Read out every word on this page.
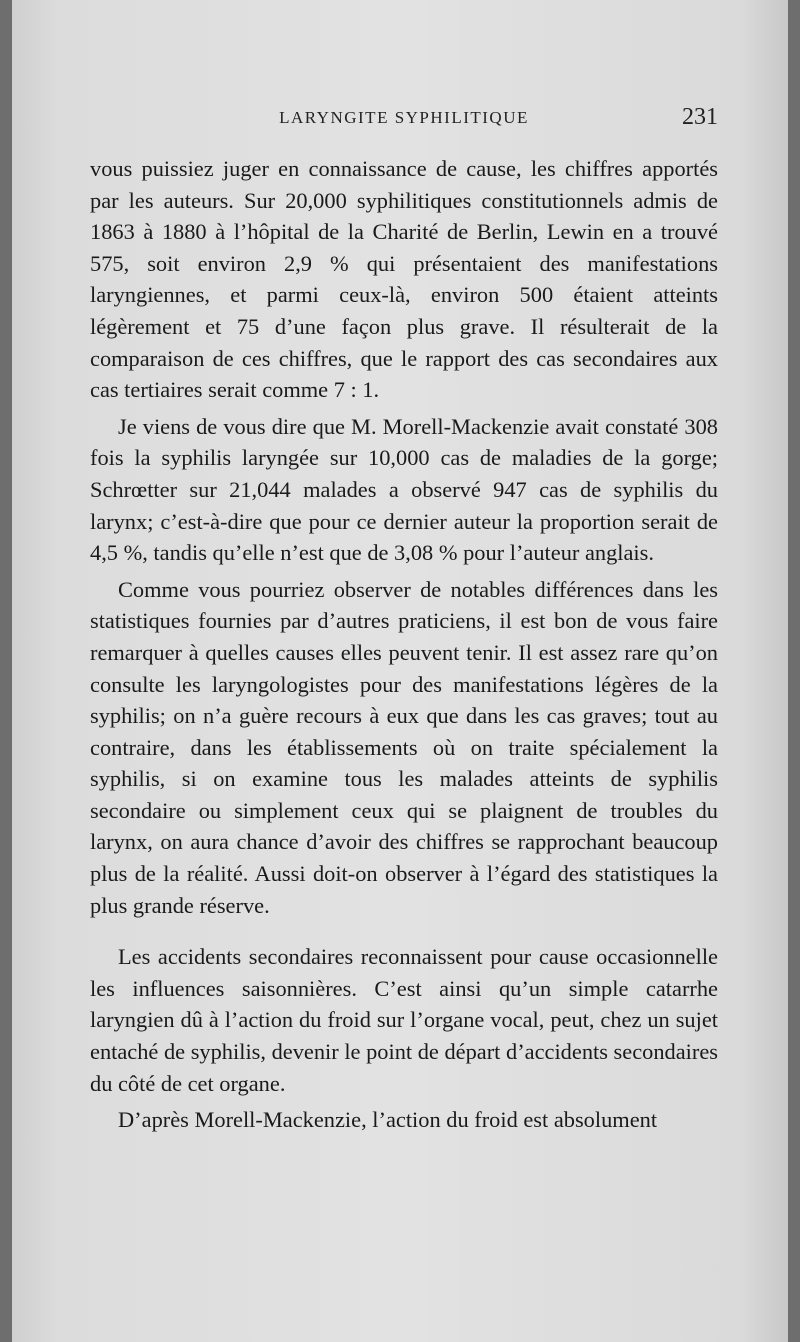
LARYNGITE SYPHILITIQUE	231

vous puissiez juger en connaissance de cause, les chiffres apportés par les auteurs. Sur 20,000 syphilitiques constitutionnels admis de 1863 à 1880 à l’hôpital de la Charité de Berlin, Lewin en a trouvé 575, soit environ 2,9 % qui présentaient des manifestations laryngiennes, et parmi ceux-là, environ 500 étaient atteints légèrement et 75 d’une façon plus grave. Il résulterait de la comparaison de ces chiffres, que le rapport des cas secondaires aux cas tertiaires serait comme 7 : 1.

Je viens de vous dire que M. Morell-Mackenzie avait constaté 308 fois la syphilis laryngée sur 10,000 cas de maladies de la gorge; Schrœtter sur 21,044 malades a observé 947 cas de syphilis du larynx; c’est-à-dire que pour ce dernier auteur la proportion serait de 4,5 %, tandis qu’elle n’est que de 3,08 % pour l’auteur anglais.

Comme vous pourriez observer de notables différences dans les statistiques fournies par d’autres praticiens, il est bon de vous faire remarquer à quelles causes elles peuvent tenir. Il est assez rare qu’on consulte les laryngologistes pour des manifestations légères de la syphilis; on n’a guère recours à eux que dans les cas graves; tout au contraire, dans les établissements où on traite spécialement la syphilis, si on examine tous les malades atteints de syphilis secondaire ou simplement ceux qui se plaignent de troubles du larynx, on aura chance d’avoir des chiffres se rapprochant beaucoup plus de la réalité. Aussi doit-on observer à l’égard des statistiques la plus grande réserve.

Les accidents secondaires reconnaissent pour cause occasionnelle les influences saisonnières. C’est ainsi qu’un simple catarrhe laryngien dû à l’action du froid sur l’organe vocal, peut, chez un sujet entaché de syphilis, devenir le point de départ d’accidents secondaires du côté de cet organe.

D’après Morell-Mackenzie, l’action du froid est absolument
